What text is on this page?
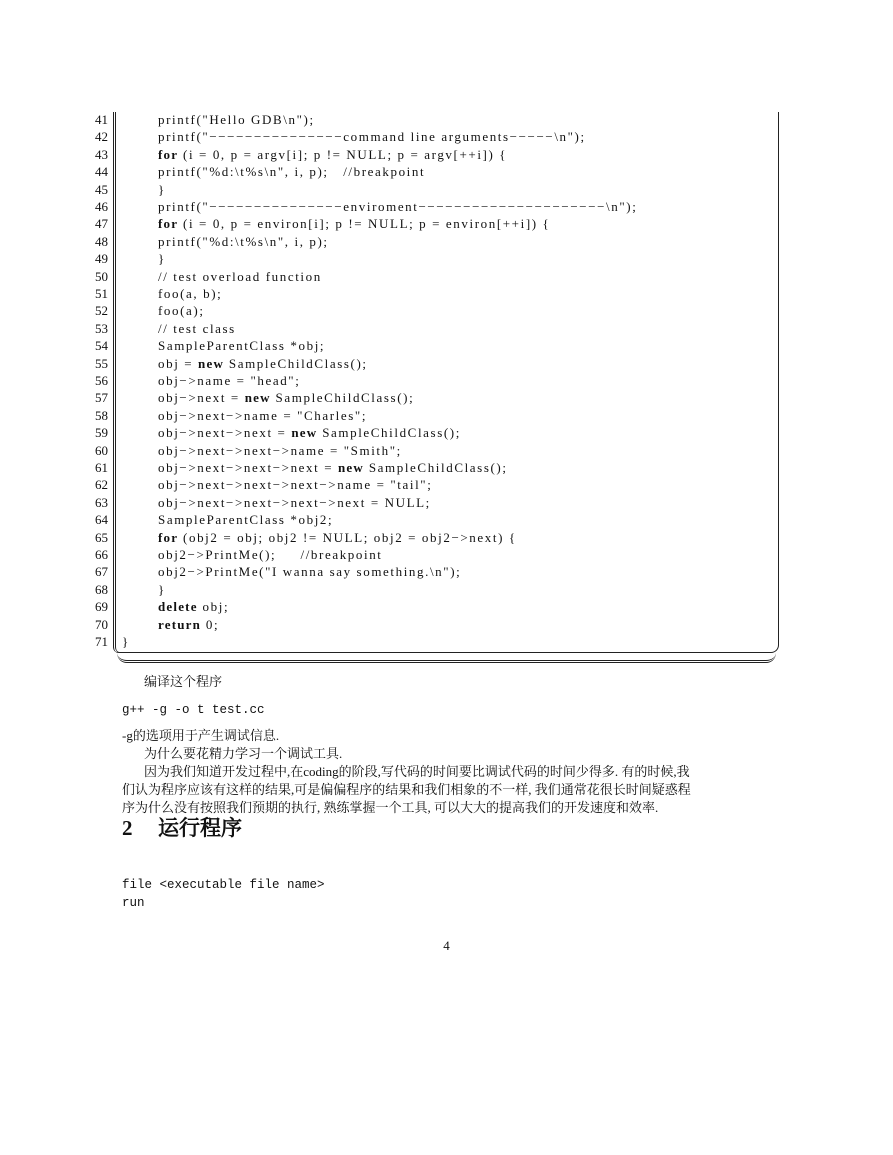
41	printf("Hello GDB\n");
42	printf("−−−−−−−−−−−−−−−command line arguments−−−−−\n");
43	for (i = 0, p = argv[i]; p != NULL; p = argv[++i]) {
44	printf("%d:\t%s\n", i, p);   //breakpoint
45	}
46	printf("−−−−−−−−−−−−−−−enviroment−−−−−−−−−−−−−−−−−−−−−\n");
47	for (i = 0, p = environ[i]; p != NULL; p = environ[++i]) {
48	printf("%d:\t%s\n", i, p);
49	}
50	// test overload function
51	foo(a, b);
52	foo(a);
53	// test class
54	SampleParentClass *obj;
55	obj = new SampleChildClass();
56	obj−>name = "head";
57	obj−>next = new SampleChildClass();
58	obj−>next−>name = "Charles";
59	obj−>next−>next = new SampleChildClass();
60	obj−>next−>next−>name = "Smith";
61	obj−>next−>next−>next = new SampleChildClass();
62	obj−>next−>next−>next−>name = "tail";
63	obj−>next−>next−>next−>next = NULL;
64	SampleParentClass *obj2;
65	for (obj2 = obj; obj2 != NULL; obj2 = obj2−>next) {
66	obj2−>PrintMe();     //breakpoint
67	obj2−>PrintMe("I wanna say something.\n");
68	}
69	delete obj;
70	return 0;
71 }
编译这个程序
g++ -g -o t test.cc
-g的选项用于产生调试信息.
为什么要花精力学习一个调试工具.
因为我们知道开发过程中,在coding的阶段,写代码的时间要比调试代码的时间少得多. 有的时候,我
们认为程序应该有这样的结果,可是偏偏程序的结果和我们相象的不一样, 我们通常花很长时间疑惑程
序为什么没有按照我们预期的执行, 熟练掌握一个工具, 可以大大的提高我们的开发速度和效率.
2 运行程序
file <executable file name>
run
4
